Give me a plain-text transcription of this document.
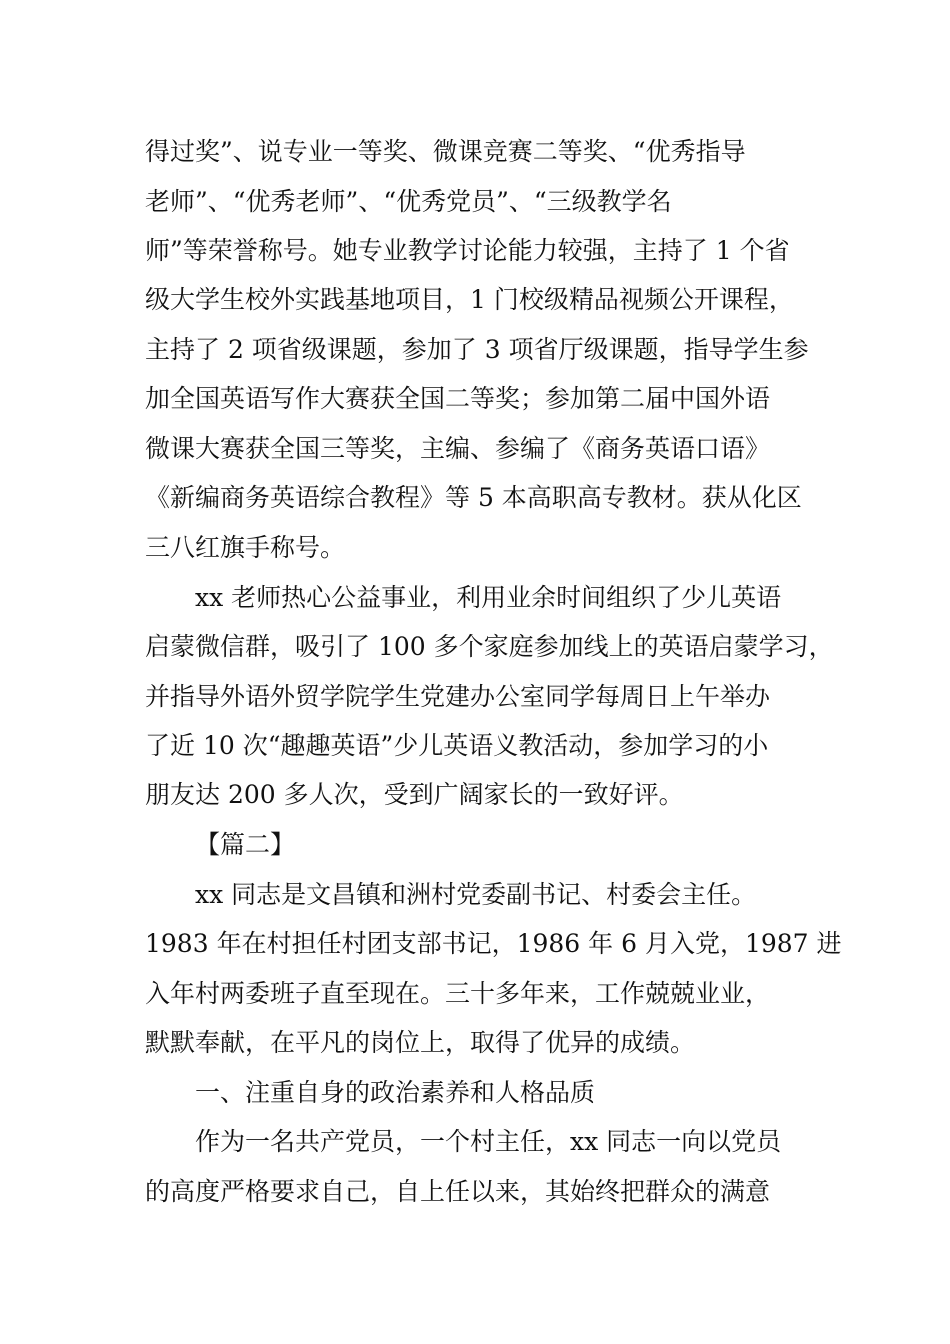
得过奖”、说专业一等奖、微课竞赛二等奖、“优秀指导
老师”、“优秀老师”、“优秀党员”、“三级教学名
师”等荣誉称号。她专业教学讨论能力较强，主持了 1 个省
级大学生校外实践基地项目，1 门校级精品视频公开课程，
主持了 2 项省级课题，参加了 3 项省厅级课题，指导学生参
加全国英语写作大赛获全国二等奖；参加第二届中国外语
微课大赛获全国三等奖，主编、参编了《商务英语口语》
《新编商务英语综合教程》等 5 本高职高专教材。获从化区
三八红旗手称号。
xx 老师热心公益事业，利用业余时间组织了少儿英语
启蒙微信群，吸引了 100 多个家庭参加线上的英语启蒙学习，
并指导外语外贸学院学生党建办公室同学每周日上午举办
了近 10 次“趣趣英语”少儿英语义教活动，参加学习的小
朋友达 200 多人次，受到广阔家长的一致好评。
【篇二】
xx 同志是文昌镇和洲村党委副书记、村委会主任。
1983 年在村担任村团支部书记，1986 年 6 月入党，1987 进
入年村两委班子直至现在。三十多年来，工作兢兢业业，
默默奉献，在平凡的岗位上，取得了优异的成绩。
一、注重自身的政治素养和人格品质
作为一名共产党员，一个村主任，xx 同志一向以党员
的高度严格要求自己，自上任以来，其始终把群众的满意
